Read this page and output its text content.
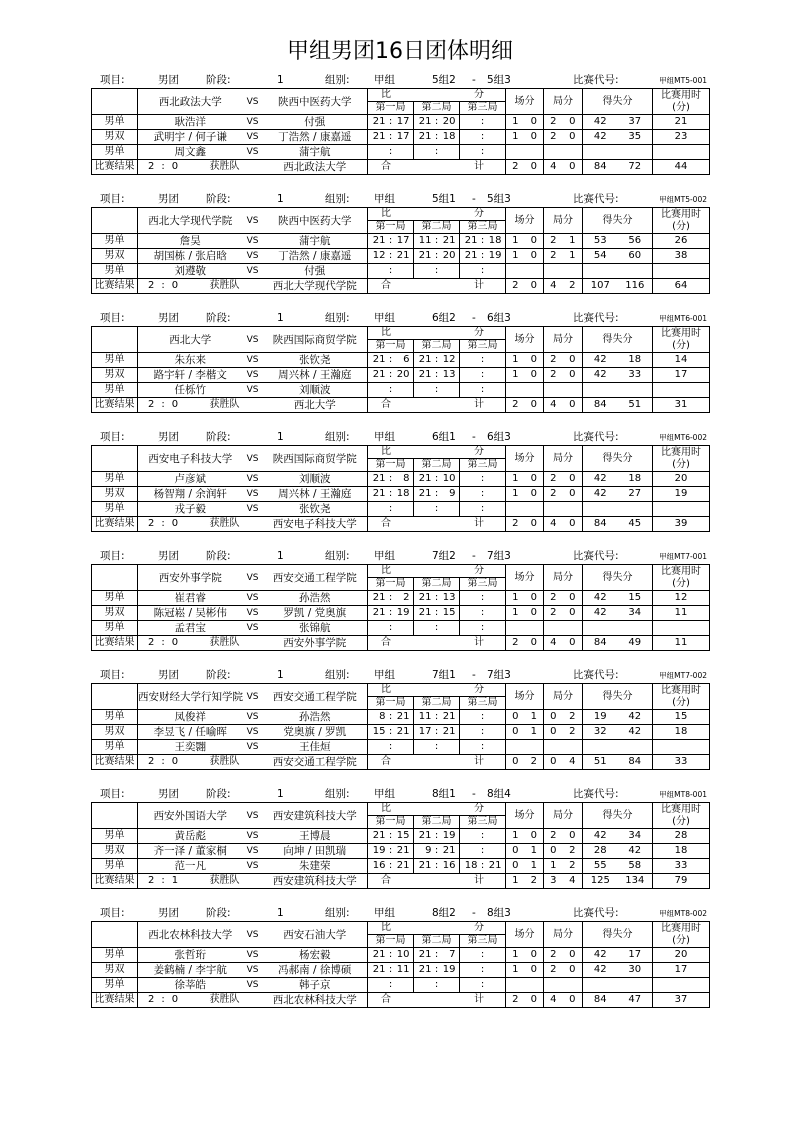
甲组男团16日团体明细
项目:	男团	阶段:	1	组别: 甲组	5组2 - 5组3	比赛代号:	甲组MT5-001
	西北政法大学	VS	陕西中医药大学	比 分			场分		局分		得失分		比赛用时
(分)

				第一局	第二局	第三局							
男单	耿浩洋	VS	付强	21 : 17	21 : 20	:	1	0	2	0	42	37	21
男双	武明宇 / 何子谦	VS	丁浩然 / 康嘉遥	21 : 17	21 : 18	:	1	0	2	0	42	35	23
男单	周文鑫	VS	蒲宇航	:	:	:							

比赛结果	2 : 0 获胜队		西北政法大学	合 计			2	0	4	0	84	72	44
项目:	男团	阶段:	1	组别: 甲组	5组1 - 5组3	比赛代号:	甲组MT5-002
	西北大学现代学院	VS	陕西中医药大学	比 分			场分		局分		得失分		比赛用时
(分)

				第一局	第二局	第三局							
男单	詹昊	VS	蒲宇航	21 : 17	11 : 21	21 : 18	1	0	2	1	53	56	26
男双	胡国栋 / 张启晗	VS	丁浩然 / 康嘉遥	12 : 21	21 : 20	21 : 19	1	0	2	1	54	60	38
男单	刘遵敬	VS	付强	:	:	:							

比赛结果	2 : 0 获胜队		西北大学现代学院	合 计			2	0	4	2	107	116	64
项目:	男团	阶段:	1	组别: 甲组	6组2 - 6组3	比赛代号:	甲组MT6-001
	西北大学	VS	陕西国际商贸学院	比 分			场分		局分		得失分		比赛用时
(分)

				第一局	第二局	第三局							
男单	朱东来	VS	张钦尧	21 : 6	21 : 12	:	1	0	2	0	42	18	14
男双	路宇轩 / 李楷文	VS	周兴林 / 王瀚庭	21 : 20	21 : 13	:	1	0	2	0	42	33	17
男单	任栎竹	VS	刘顺波	:	:	:							

比赛结果	2 : 0 获胜队		西北大学	合 计			2	0	4	0	84	51	31
项目:	男团	阶段:	1	组别: 甲组	6组1 - 6组3	比赛代号:	甲组MT6-002
	西安电子科技大学	VS	陕西国际商贸学院	比 分			场分		局分		得失分		比赛用时
(分)

				第一局	第二局	第三局							
男单	卢彦斌	VS	刘顺波	21 : 8	21 : 10	:	1	0	2	0	42	18	20
男双	杨智翔 / 余润轩	VS	周兴林 / 王瀚庭	21 : 18	21 : 9	:	1	0	2	0	42	27	19
男单	戎子毅	VS	张钦尧	:	:	:							

比赛结果	2 : 0 获胜队		西安电子科技大学	合 计			2	0	4	0	84	45	39
项目:	男团	阶段:	1	组别: 甲组	7组2 - 7组3	比赛代号:	甲组MT7-001
	西安外事学院	VS	西安交通工程学院	比 分			场分		局分		得失分		比赛用时
(分)

				第一局	第二局	第三局							
男单	崔君睿	VS	孙浩然	21 : 2	21 : 13	:	1	0	2	0	42	15	12
男双	陈冠崧 / 吴彬伟	VS	罗凯 / 党奥旗	21 : 19	21 : 15	:	1	0	2	0	42	34	11
男单	孟君宝	VS	张锦航	:	:	:							

比赛结果	2 : 0 获胜队		西安外事学院	合 计			2	0	4	0	84	49	11
项目:	男团	阶段:	1	组别: 甲组	7组1 - 7组3	比赛代号:	甲组MT7-002
	西安财经大学行知学院	VS	西安交通工程学院	比 分			场分		局分		得失分		比赛用时
(分)

				第一局	第二局	第三局							
男单	凤俊祥	VS	孙浩然	8 : 21	11 : 21	:	0	1	0	2	19	42	15
男双	李昱飞 / 任喻晖	VS	党奥旗 / 罗凯	15 : 21	17 : 21	:	0	1	0	2	32	42	18
男单	王奕翾	VS	王佳烜	:	:	:							

比赛结果	2 : 0 获胜队		西安交通工程学院	合 计			0	2	0	4	51	84	33
项目:	男团	阶段:	1	组别: 甲组	8组1 - 8组4	比赛代号:	甲组MT8-001
	西安外国语大学	VS	西安建筑科技大学	比 分			场分		局分		得失分		比赛用时
(分)

				第一局	第二局	第三局							
男单	黄岳彪	VS	王博晨	21 : 15	21 : 19	:	1	0	2	0	42	34	28
男双	齐一泽 / 董家桐	VS	向坤 / 田凯瑞	19 : 21	9 : 21	:	0	1	0	2	28	42	18
男单	范一凡	VS	朱建荣	16 : 21	21 : 16	18 : 21	0	1	1	2	55	58	33
比赛结果	2 : 1 获胜队		西安建筑科技大学	合 计			1	2	3	4	125	134	79
项目:	男团	阶段:	1	组别: 甲组	8组2 - 8组3	比赛代号:	甲组MT8-002
	西北农林科技大学	VS	西安石油大学	比 分			场分		局分		得失分		比赛用时
(分)

				第一局	第二局	第三局							
男单	张哲珩	VS	杨宏毅	21 : 10	21 : 7	:	1	0	2	0	42	17	20
男双	姜鹤楠 / 李宇航	VS	冯郝南 / 徐博硕	21 : 11	21 : 19	:	1	0	2	0	42	30	17
男单	徐莘皓	VS	韩子京	:	:	:							

比赛结果	2 : 0 获胜队		西北农林科技大学	合 计			2	0	4	0	84	47	37
